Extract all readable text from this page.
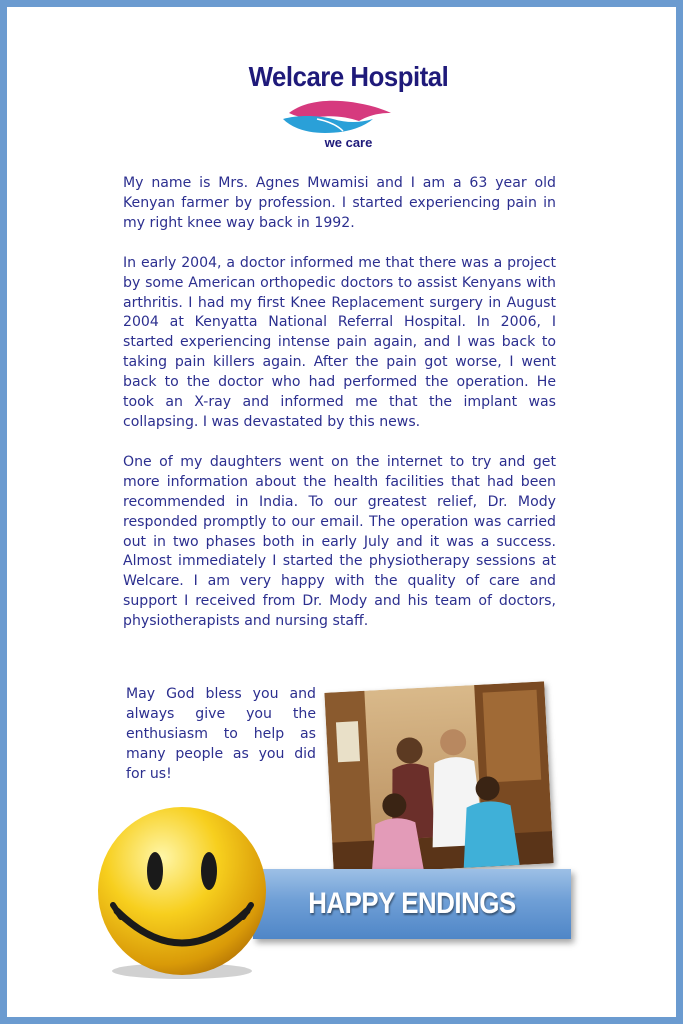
Welcare Hospital
we care

My name is Mrs. Agnes Mwamisi and I am a 63 year old Kenyan farmer by profession. I started experiencing pain in my right knee way back in 1992.

In early 2004, a doctor informed me that there was a project by some American orthopedic doctors to assist Kenyans with arthritis. I had my first Knee Replacement surgery in August 2004 at Kenyatta National Referral Hospital. In 2006, I started experiencing intense pain again, and I was back to taking pain killers again. After the pain got worse, I went back to the doctor who had performed the operation. He took an X-ray and informed me that the implant was collapsing. I was devastated by this news.

One of my daughters went on the internet to try and get more information about the health facilities that had been recommended in India. To our greatest relief, Dr. Mody responded promptly to our email. The operation was carried out in two phases both in early July and it was a success. Almost immediately I started the physiotherapy sessions at Welcare. I am very happy with the quality of care and support I received from Dr. Mody and his team of doctors, physiotherapists and nursing staff.

May God bless you and always give you the enthusiasm to help as many people as you did for us!
HAPPY ENDINGS
